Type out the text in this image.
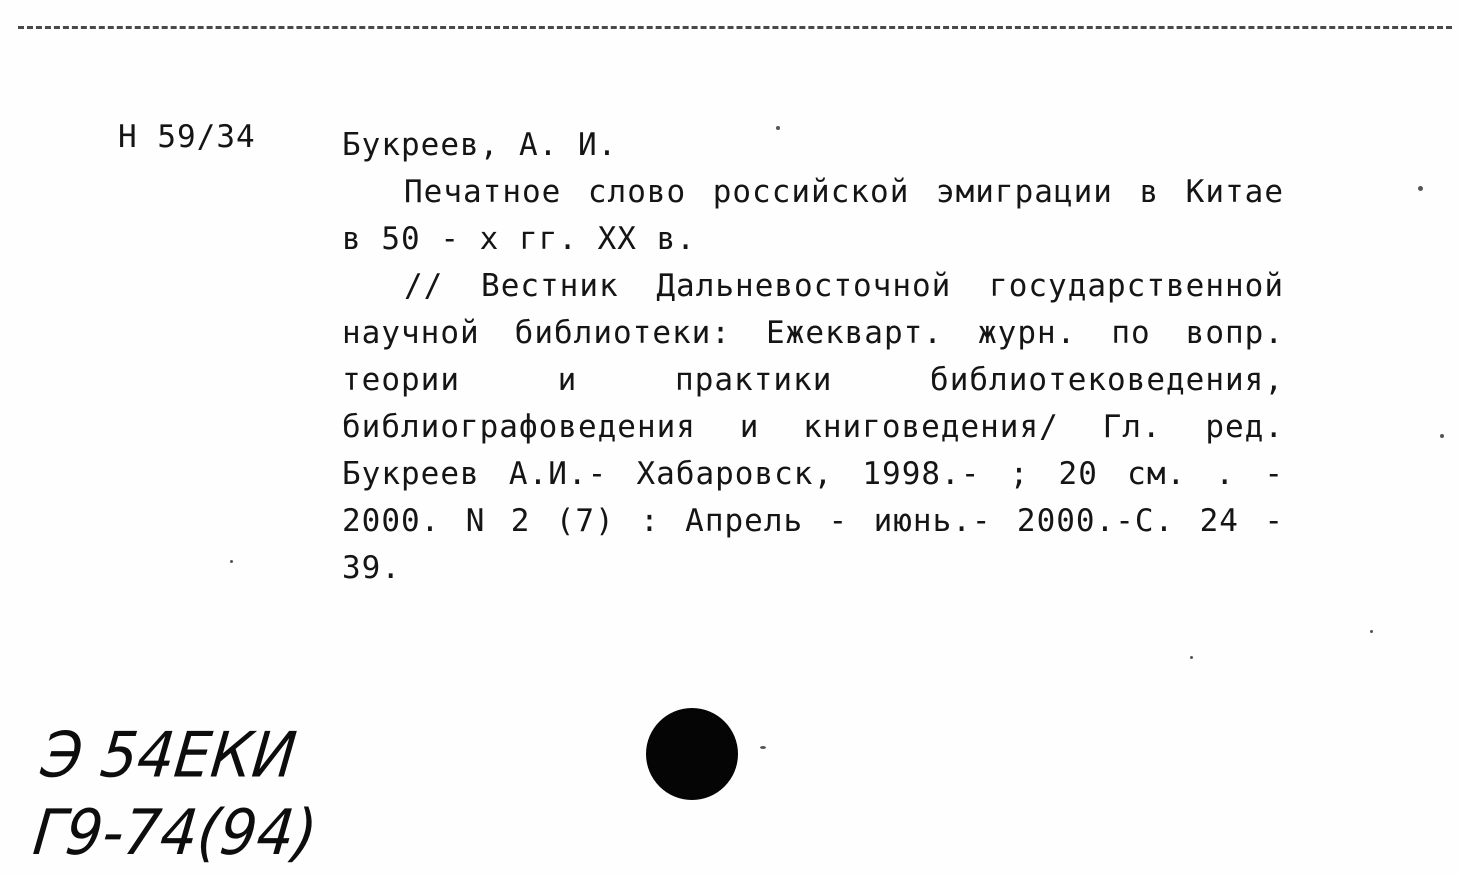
Н 59/34	Букреев, А. И.

Печатное слово российской эмиграции в Китае в 50 - х гг. XX в.

// Вестник Дальневосточной государственной научной библиотеки: Ежекварт. журн. по вопр. теории и практики библиотековедения, библиографоведения и книговедения/ Гл. ред. Букреев А.И.- Хабаровск, 1998.- ; 20 см. . - 2000. N 2 (7) : Апрель - июнь.- 2000.-С. 24 - 39.

Э 54ЕКИ
Г9-74(94)
